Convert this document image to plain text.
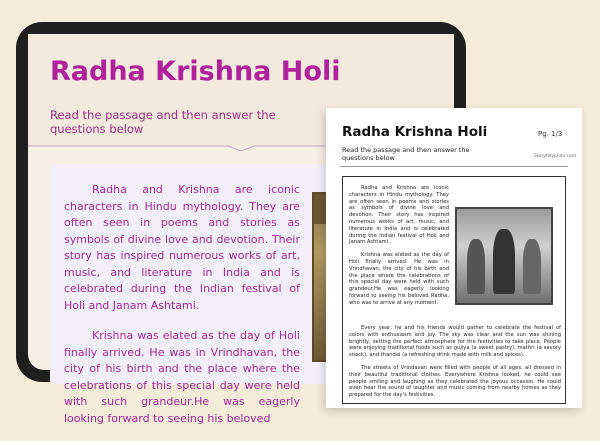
Radha Krishna Holi
Read the passage and then answer the questions below

Radha and Krishna are iconic characters in Hindu mythology. They are often seen in poems and stories as symbols of divine love and devotion. Their story has inspired numerous works of art, music, and literature in India and is celebrated during the Indian festival of Holi and Janam Ashtami.

Krishna was elated as the day of Holi finally arrived. He was in Vrindhavan, the city of his birth and the place where the celebrations of this special day were held with such grandeur.He was eagerly looking forward to seeing his beloved

Radha Krishna Holi	Pg. 1/3
Read the passage and then answer the questions below	Storyfolyplots.com

Radha and Krishna are iconic characters in Hindu mythology. They are often seen in poems and stories as symbols of divine love and devotion. Their story has inspired numerous works of art, music, and literature in India and is celebrated during the Indian festival of Holi and Janam Ashtami.

Krishna was elated as the day of Holi finally arrived. He was in Vrindhavan, the city of his birth and the place where the celebrations of this special day were held with such grandeur.He was eagerly looking forward to seeing his beloved Radha, who was to arrive at any moment.

Every year, he and his friends would gather to celebrate the festival of colors with enthusiasm and joy. The sky was clear and the sun was shining brightly, setting the perfect atmosphere for the festivities to take place. People were enjoying traditional foods such as gujiya (a sweet pastry), mathri (a savory snack), and thandai (a refreshing drink made with milk and spices).

The streets of Vrindavan were filled with people of all ages, all dressed in their beautiful traditional clothes. Everywhere Krishna looked, he could see people smiling and laughing as they celebrated the joyous occasion. He could even hear the sound of laughter and music coming from nearby homes as they prepared for the day's festivities.
